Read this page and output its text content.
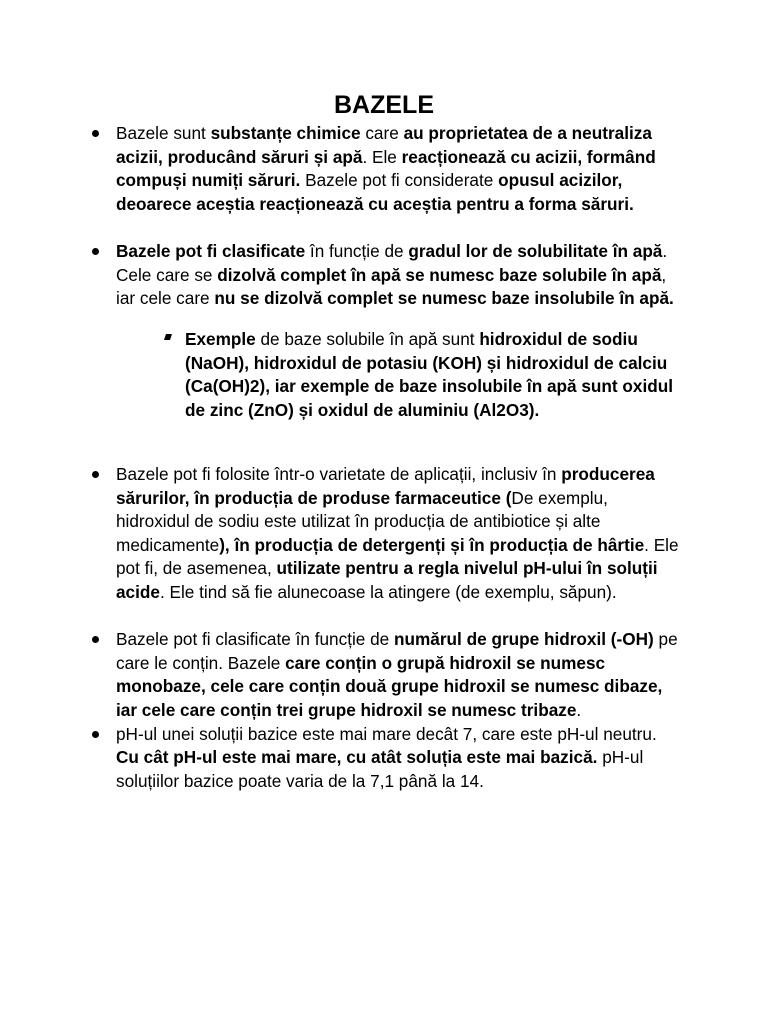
BAZELE

Bazele sunt substanțe chimice care au proprietatea de a neutraliza acizii, producând săruri și apă. Ele reacționează cu acizii, formând compuși numiți săruri. Bazele pot fi considerate opusul acizilor, deoarece aceștia reacționează cu aceștia pentru a forma săruri.

Bazele pot fi clasificate în funcție de gradul lor de solubilitate în apă. Cele care se dizolvă complet în apă se numesc baze solubile în apă, iar cele care nu se dizolvă complet se numesc baze insolubile în apă.

Exemple de baze solubile în apă sunt hidroxidul de sodiu (NaOH), hidroxidul de potasiu (KOH) și hidroxidul de calciu (Ca(OH)2), iar exemple de baze insolubile în apă sunt oxidul de zinc (ZnO) și oxidul de aluminiu (Al2O3).

Bazele pot fi folosite într-o varietate de aplicații, inclusiv în producerea sărurilor, în producția de produse farmaceutice (De exemplu, hidroxidul de sodiu este utilizat în producția de antibiotice și alte medicamente), în producția de detergenți și în producția de hârtie. Ele pot fi, de asemenea, utilizate pentru a regla nivelul pH-ului în soluții acide. Ele tind să fie alunecoase la atingere (de exemplu, săpun).

Bazele pot fi clasificate în funcție de numărul de grupe hidroxil (-OH) pe care le conțin. Bazele care conțin o grupă hidroxil se numesc monobaze, cele care conțin două grupe hidroxil se numesc dibaze, iar cele care conțin trei grupe hidroxil se numesc tribaze.

pH-ul unei soluții bazice este mai mare decât 7, care este pH-ul neutru. Cu cât pH-ul este mai mare, cu atât soluția este mai bazică. pH-ul soluțiilor bazice poate varia de la 7,1 până la 14.
